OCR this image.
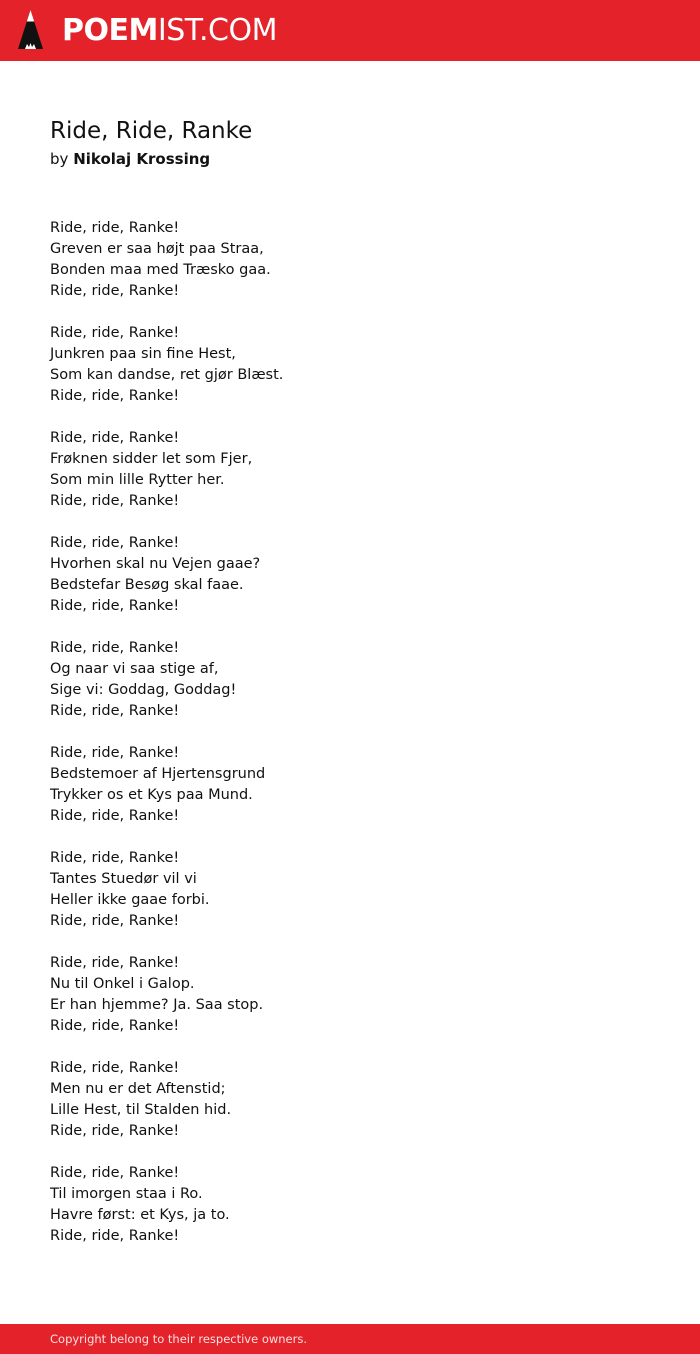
POEMIST.COM
Ride, Ride, Ranke
by Nikolaj Krossing
Ride, ride, Ranke!
Greven er saa højt paa Straa,
Bonden maa med Træsko gaa.
Ride, ride, Ranke!
Ride, ride, Ranke!
Junkren paa sin fine Hest,
Som kan dandse, ret gjør Blæst.
Ride, ride, Ranke!
Ride, ride, Ranke!
Frøknen sidder let som Fjer,
Som min lille Rytter her.
Ride, ride, Ranke!
Ride, ride, Ranke!
Hvorhen skal nu Vejen gaae?
Bedstefar Besøg skal faae.
Ride, ride, Ranke!
Ride, ride, Ranke!
Og naar vi saa stige af,
Sige vi: Goddag, Goddag!
Ride, ride, Ranke!
Ride, ride, Ranke!
Bedstemoer af Hjertensgrund
Trykker os et Kys paa Mund.
Ride, ride, Ranke!
Ride, ride, Ranke!
Tantes Stuedør vil vi
Heller ikke gaae forbi.
Ride, ride, Ranke!
Ride, ride, Ranke!
Nu til Onkel i Galop.
Er han hjemme? Ja. Saa stop.
Ride, ride, Ranke!
Ride, ride, Ranke!
Men nu er det Aftenstid;
Lille Hest, til Stalden hid.
Ride, ride, Ranke!
Ride, ride, Ranke!
Til imorgen staa i Ro.
Havre først: et Kys, ja to.
Ride, ride, Ranke!
Copyright belong to their respective owners.
